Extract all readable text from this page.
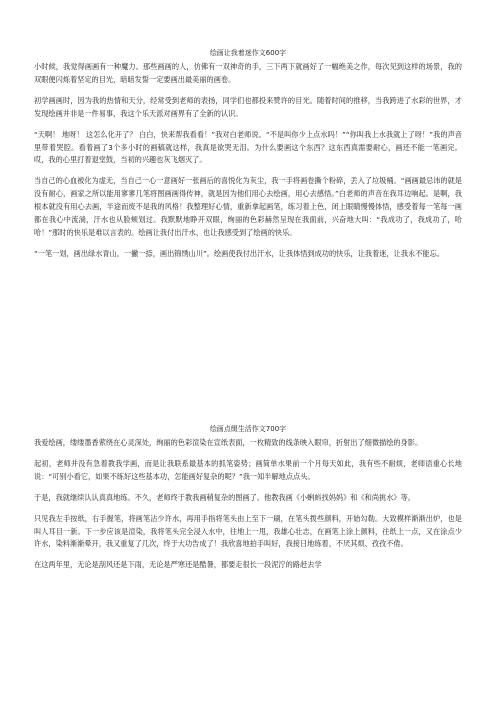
绘画让我着迷作文600字

小时候，我觉得画画有一种魔力。那些画画的人，仿佛有一双神奇的手，三下两下就画好了一幅绝美之作，每次见到这样的场景，我的双眼便闪烁着坚定的目光，暗暗发誓一定要画出最美丽的画卷。

初学画画时，因为我的热情和天分，经常受到老师的表扬，同学们也都投来赞许的目光。随着时间的推移，当我跨进了水彩的世界，才发现绘画并非是一件易事，我这个乐天派对画界有了全新的认识。

“天啊！ 地呀！ 这怎么化开了？ 白白，快来帮我看看！”我对白老师说。“不是叫你少上点水吗！”“你叫我上水我就上了呀！”我的声音里带着哭腔。看着画了3个多小时的画稿就这样，我真是欲哭无泪。为什么要画这个东西？这东西真需要耐心，画还不能一笔画完。哎，我的心里打着退堂鼓，当初的兴趣也灰飞烟灭了。

当自己的心血被化为虚无，当自己一心一意画好一张画后的喜悦化为灰尘，我一手将画卷撕个粉碎，丢入了垃圾桶。“画画最忌讳的就是没有耐心，画家之所以能用寥寥几笔将图画画得传神，就是因为他们用心去绘画，用心去感悟。”白老师的声音在我耳边响起。是啊，我根本就没有用心去画，半途而废不是我的风格！我整理好心情，重新拿起画笔，练习着上色，闭上眼睛慢慢体悟，感受着每一笔每一画都在我心中流淌，汗水也从脸颊划过。我默默地睁开双眼，绚丽的色彩赫然呈现在我面前，兴奋地大叫：“我成功了，我成功了，哈哈！”那时的快乐是难以言表的。绘画让我付出汗水，也让我感受到了绘画的快乐。

“一笔一划，画出绿水青山，一撇一捺，画出锦绣山川”。绘画使我付出汗水，让我体悟到成功的快乐，让我着迷，让我永不能忘。

绘画点缀生活作文700字

我爱绘画，缕缕墨香萦绕在心灵深处，绚丽的色彩渲染在宣纸表面，一枚精致的线条映入眼帘，折射出了细微描绘的身影。

起初，老师并没有急着教我学画，而是让我联系最基本的抓笔姿势；画简单水果前一个月每天如此，我有些不耐烦，老师语重心长地说：“可别小看它，如果不练好这些基本功，怎能画好复杂的呢？”我一知半解地点点头。

于是，我就继续认认真真地练。不久，老师终于教我画稍复杂的图画了。他教我画《小蝌蚪找妈妈》和《和尚挑水》等。

只见我左手按纸，右手握笔，将画笔沾少许水，再用手指将笔头由上至下一刷，在笔头拨些颜料，开始勾勒。大致模样渐渐出炉，也是叫人耳目一新。下一步应该是渲染，我将笔头完全浸入水中，往地上一甩，我雄心壮志，在画笔上涂上颜料，往纸上一点，又在涂点少许水，染料渐渐晕开，我又重复了几次，终于大功告成了！我欣喜地拍手叫好，我接日地练着，不厌其烦、孜孜不倦。

在这两年里，无论是刮风还是下雨，无论是严寒还是酷暑，都要走很长一段泥泞的路赶去学
